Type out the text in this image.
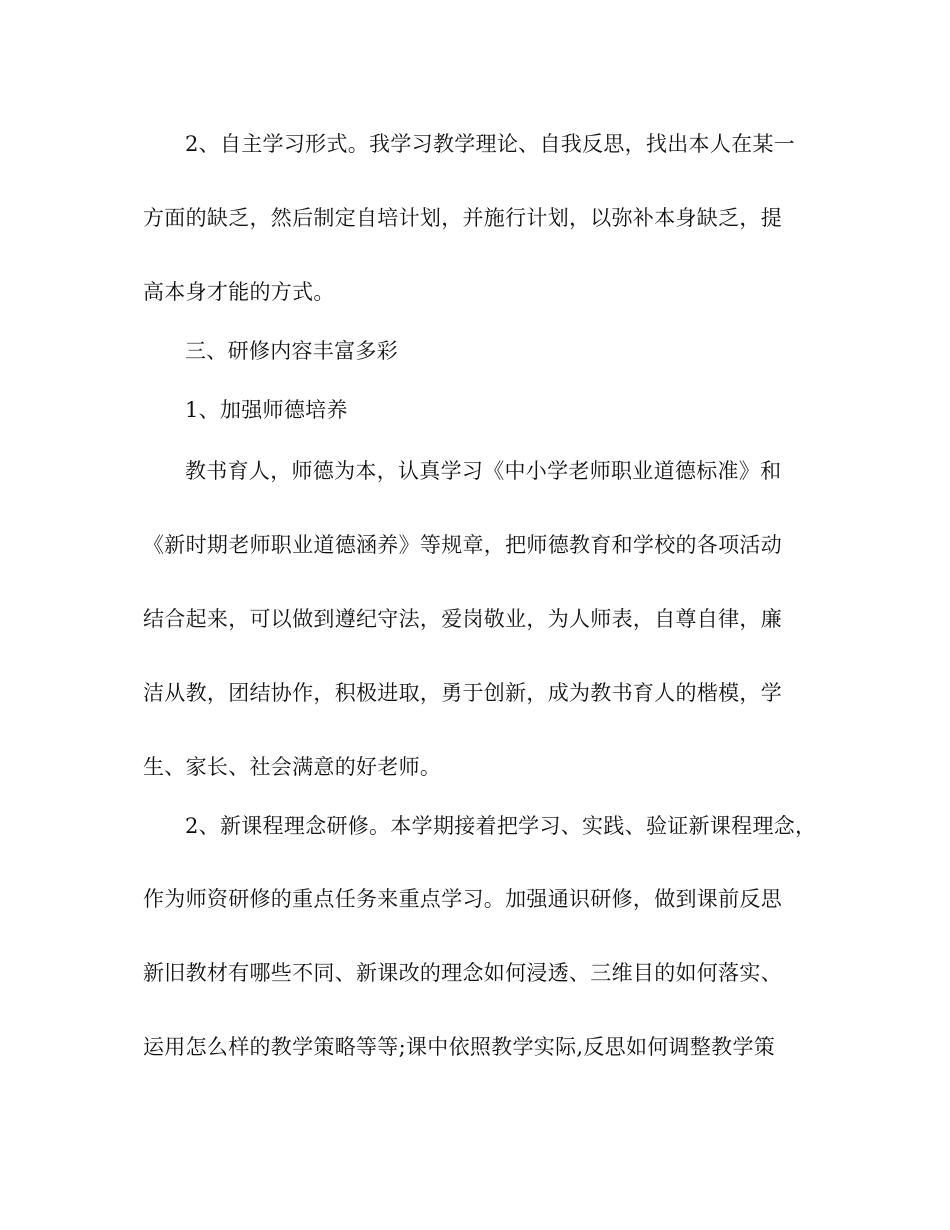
2、自主学习形式。我学习教学理论、自我反思，找出本人在某一
方面的缺乏，然后制定自培计划，并施行计划，以弥补本身缺乏，提
高本身才能的方式。
三、研修内容丰富多彩
1、加强师德培养
教书育人，师德为本，认真学习《中小学老师职业道德标准》和
《新时期老师职业道德涵养》等规章，把师德教育和学校的各项活动
结合起来，可以做到遵纪守法，爱岗敬业，为人师表，自尊自律，廉
洁从教，团结协作，积极进取，勇于创新，成为教书育人的楷模，学
生、家长、社会满意的好老师。
2、新课程理念研修。本学期接着把学习、实践、验证新课程理念，
作为师资研修的重点任务来重点学习。加强通识研修，做到课前反思
新旧教材有哪些不同、新课改的理念如何浸透、三维目的如何落实、
运用怎么样的教学策略等等;课中依照教学实际,反思如何调整教学策
